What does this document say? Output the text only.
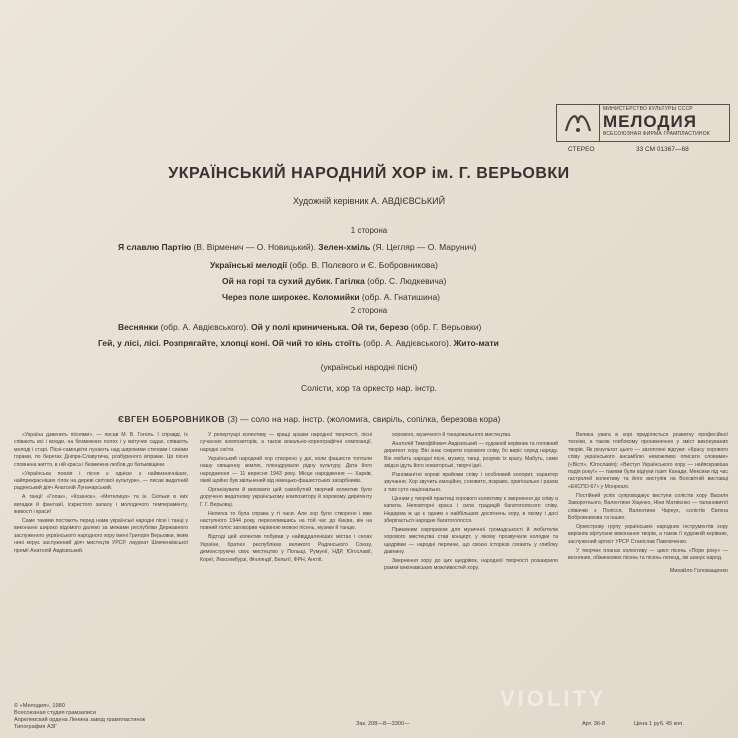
МИНИСТЕРСТВО КУЛЬТУРЫ СССР
МЕЛОДИЯ
ВСЕСОЮЗНАЯ ФИРМА ГРАМПЛАСТИНОК
СТЕРЕО	33 СМ 01367—68
УКРАЇНСЬКИЙ НАРОДНИЙ ХОР ім. Г. ВЕРЬОВКИ
Художній керівник А. АВДІЄВСЬКИЙ
1 сторона
Я славлю Партію (В. Вірменич — О. Новицький). Зелен-хміль (Я. Цегляр — О. Марунич)
Українські мелодії (обр. В. Полєвого и Є. Бобровникова)
Ой на горі та сухий дубик. Гагілка (обр. С. Людкевича)
Через поле широкеє. Коломийки (обр. А. Гнатишина)
2 сторона
Веснянки (обр. А. Авдієвського). Ой у полі криниченька. Ой ти, березо (обр. Г. Верьовки)
Гей, у лісі, лісі. Розпрягайте, хлопці коні. Ой чий то кінь стоїть (обр. А. Авдієвського). Жито-мати
(українські народні пісні)
Солісти, хор та оркестр нар. інстр.
ЄВГЕН БОБРОВНИКОВ (3) — соло на нар. інстр. (жоломига, свиріль, сопілка, березова кора)

«Україна дзвенить піснями», — писав М. В. Гоголь. І справді, їх співають всі і всюди, на безмежних полях і у квітучих садах, співають молоді і старі. Пісні-самоцвіти лунають над широкими степами і синіми горами, по берегах Дніпра-Славутича, розбуреного вітрами. Ця пісня сповнена життя, в ній краса і безмежна любов до батьківщини.

«Українська поезія і пісня є однією з найвизначніших, найпрекрасніших гілок на дереві світової культури», — писав видатний радянський діяч Анатолій Луначарський.

А танці! «Гопак», «Козачок», «Метелиця» та ін. Скільки в них вигадки й фантазії, іскристого запалу і молодечого темпераменту, живості і краси!

Саме такими постають перед нами українські народні пісні і танці у виконанні широко відомого далеко за межами республіки Державного заслуженого українського народного хору імені Григорія Верьовки, яким нині керує заслужений діяч мистецтв УРСР, лауреат Шевченківської премії Анатолій Авдієвський.

У репертуарі колективу — кращі зразки народної творчості, пісні сучасних композиторів, а також вокально-хореографічні композиції, народні сюїти.

Український народний хор створено у дні, коли фашисти топтали нашу священну землю, плюндрували рідну культуру. Дата його народження — 11 вересня 1943 року. Місце народження — Харків, який щойно був звільнений від німецько-фашистських загарбників.

Організувати й виховати цей самобутній творчий колектив було доручено видатному українському композитору й хоровому диригенту Г. Г. Верьовці.

Нелегка то була справа у ті часи. Але хор було створено і вже наступного 1944 року, переселившись на той час до Києва, він на повний голос заговорив чарівною мовою пісень, музики й танцю.

Відтоді цей колектив побував у найвіддаленіших містах і селах України, братніх республіках великого Радянського Союзу, демонструючи своє мистецтво у Польщі, Румунії, НДР, Югославії, Кореї, Люксембурзі, Фінляндії, Бельгії, ФРН, Англії.

хорового, музичного й танцювального мистецтва.

Анатолій Тимофійович Авдієвський — художній керівник та головний диригент хору. Він знає секрети хорового співу, бо виріс серед народу. Він любить народні пісні, музику, танці, розуміє їх красу. Мабуть, саме звідси ідуть його новаторські, творчі ідеї.

Різноманітні хорові прийоми співу і особливий колорит, характер звучання. Хор звучить емоційно, соковито, яскраво, оригінально і разом з тим суто національно.

Цінним у творчій практиці хорового колективу є звернення до співу а капела. Неповторні краса і сила традицій багатоголосого співу. Недарма ж це є одним з найбільших досягнень хору, в якому і досі зберігається народне багатоголосся.

Приємним сюрпризом для музичної громадськості й любителів хорового мистецтва став концерт, у якому прозвучали колядки та щедрівки — народні перлини, що своєю історією сягають у глибоку давнину.

Звернення хору до цих щедрівок, народної творчості розширило рамки виконавських можливостей хору.

Велика увага в хорі приділяється розвитку професійної техніки, а також глибокому проникненню у зміст виконуваних творів. Як результат цього — захоплені відгуки: «Красу хорового співу українського ансамблю неможливо описати словами» («Вісті», Югославія); «Виступ Українського хору — найяскравіша подія року!» — такими були відгуки газет Канади, Мексики під час гастролей колективу та його виступів на Всесвітній виставці «ЕКСПО-67» у Монреалі.

Постійний успіх супроводжує виступи солістів хору Василя Заворотнього, Валентини Хіценко, Ніни Матвієнко — талановитої співачки з Полісся, Валентини Чарнух, солістів Євгена Бобровникова та інших.

Оркестрову групу українських народних інструментів хору вирізняє віртуозне виконання творів, а також її художній керівник, заслужений артист УРСР Станіслав Павлюченко.

У творчих планах колективу — цикл пісень «Пори року» — весняних, обжинкових пісень та пісень-легенд, які шанує народ.

Михайло Головащенко
© «Мелодия», 1980
Всесоюзная студия грамзаписи
Апрелевский ордена Ленина завод грампластинок
Типография АЗГ	Зак. 208—8—3300—	Арт. 36-8	Цена 1 руб. 45 коп.
VIOLITY
